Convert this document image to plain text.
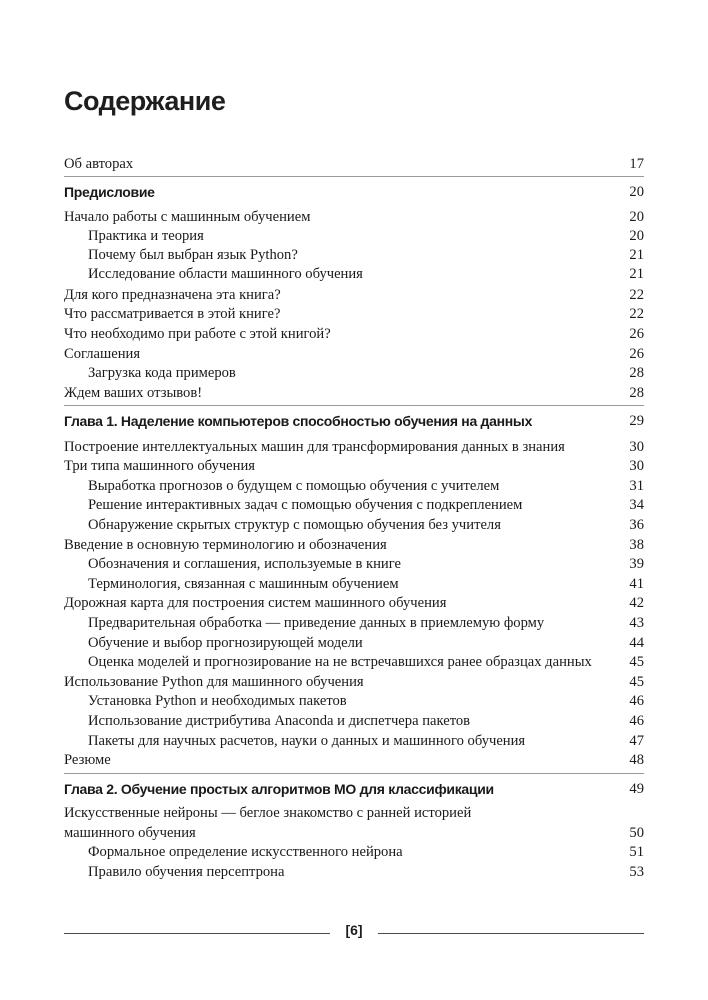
Содержание
Об авторах	17
Предисловие	20
Начало работы с машинным обучением	20
Практика и теория	20
Почему был выбран язык Python?	21
Исследование области машинного обучения	21
Для кого предназначена эта книга?	22
Что рассматривается в этой книге?	22
Что необходимо при работе с этой книгой?	26
Соглашения	26
Загрузка кода примеров	28
Ждем ваших отзывов!	28
Глава 1. Наделение компьютеров способностью обучения на данных	29
Построение интеллектуальных машин для трансформирования данных в знания	30
Три типа машинного обучения	30
Выработка прогнозов о будущем с помощью обучения с учителем	31
Решение интерактивных задач с помощью обучения с подкреплением	34
Обнаружение скрытых структур с помощью обучения без учителя	36
Введение в основную терминологию и обозначения	38
Обозначения и соглашения, используемые в книге	39
Терминология, связанная с машинным обучением	41
Дорожная карта для построения систем машинного обучения	42
Предварительная обработка — приведение данных в приемлемую форму	43
Обучение и выбор прогнозирующей модели	44
Оценка моделей и прогнозирование на не встречавшихся ранее образцах данных	45
Использование Python для машинного обучения	45
Установка Python и необходимых пакетов	46
Использование дистрибутива Anaconda и диспетчера пакетов	46
Пакеты для научных расчетов, науки о данных и машинного обучения	47
Резюме	48
Глава 2. Обучение простых алгоритмов МО для классификации	49
Искусственные нейроны — беглое знакомство с ранней историей
машинного обучения	50
Формальное определение искусственного нейрона	51
Правило обучения персептрона	53
[6]
